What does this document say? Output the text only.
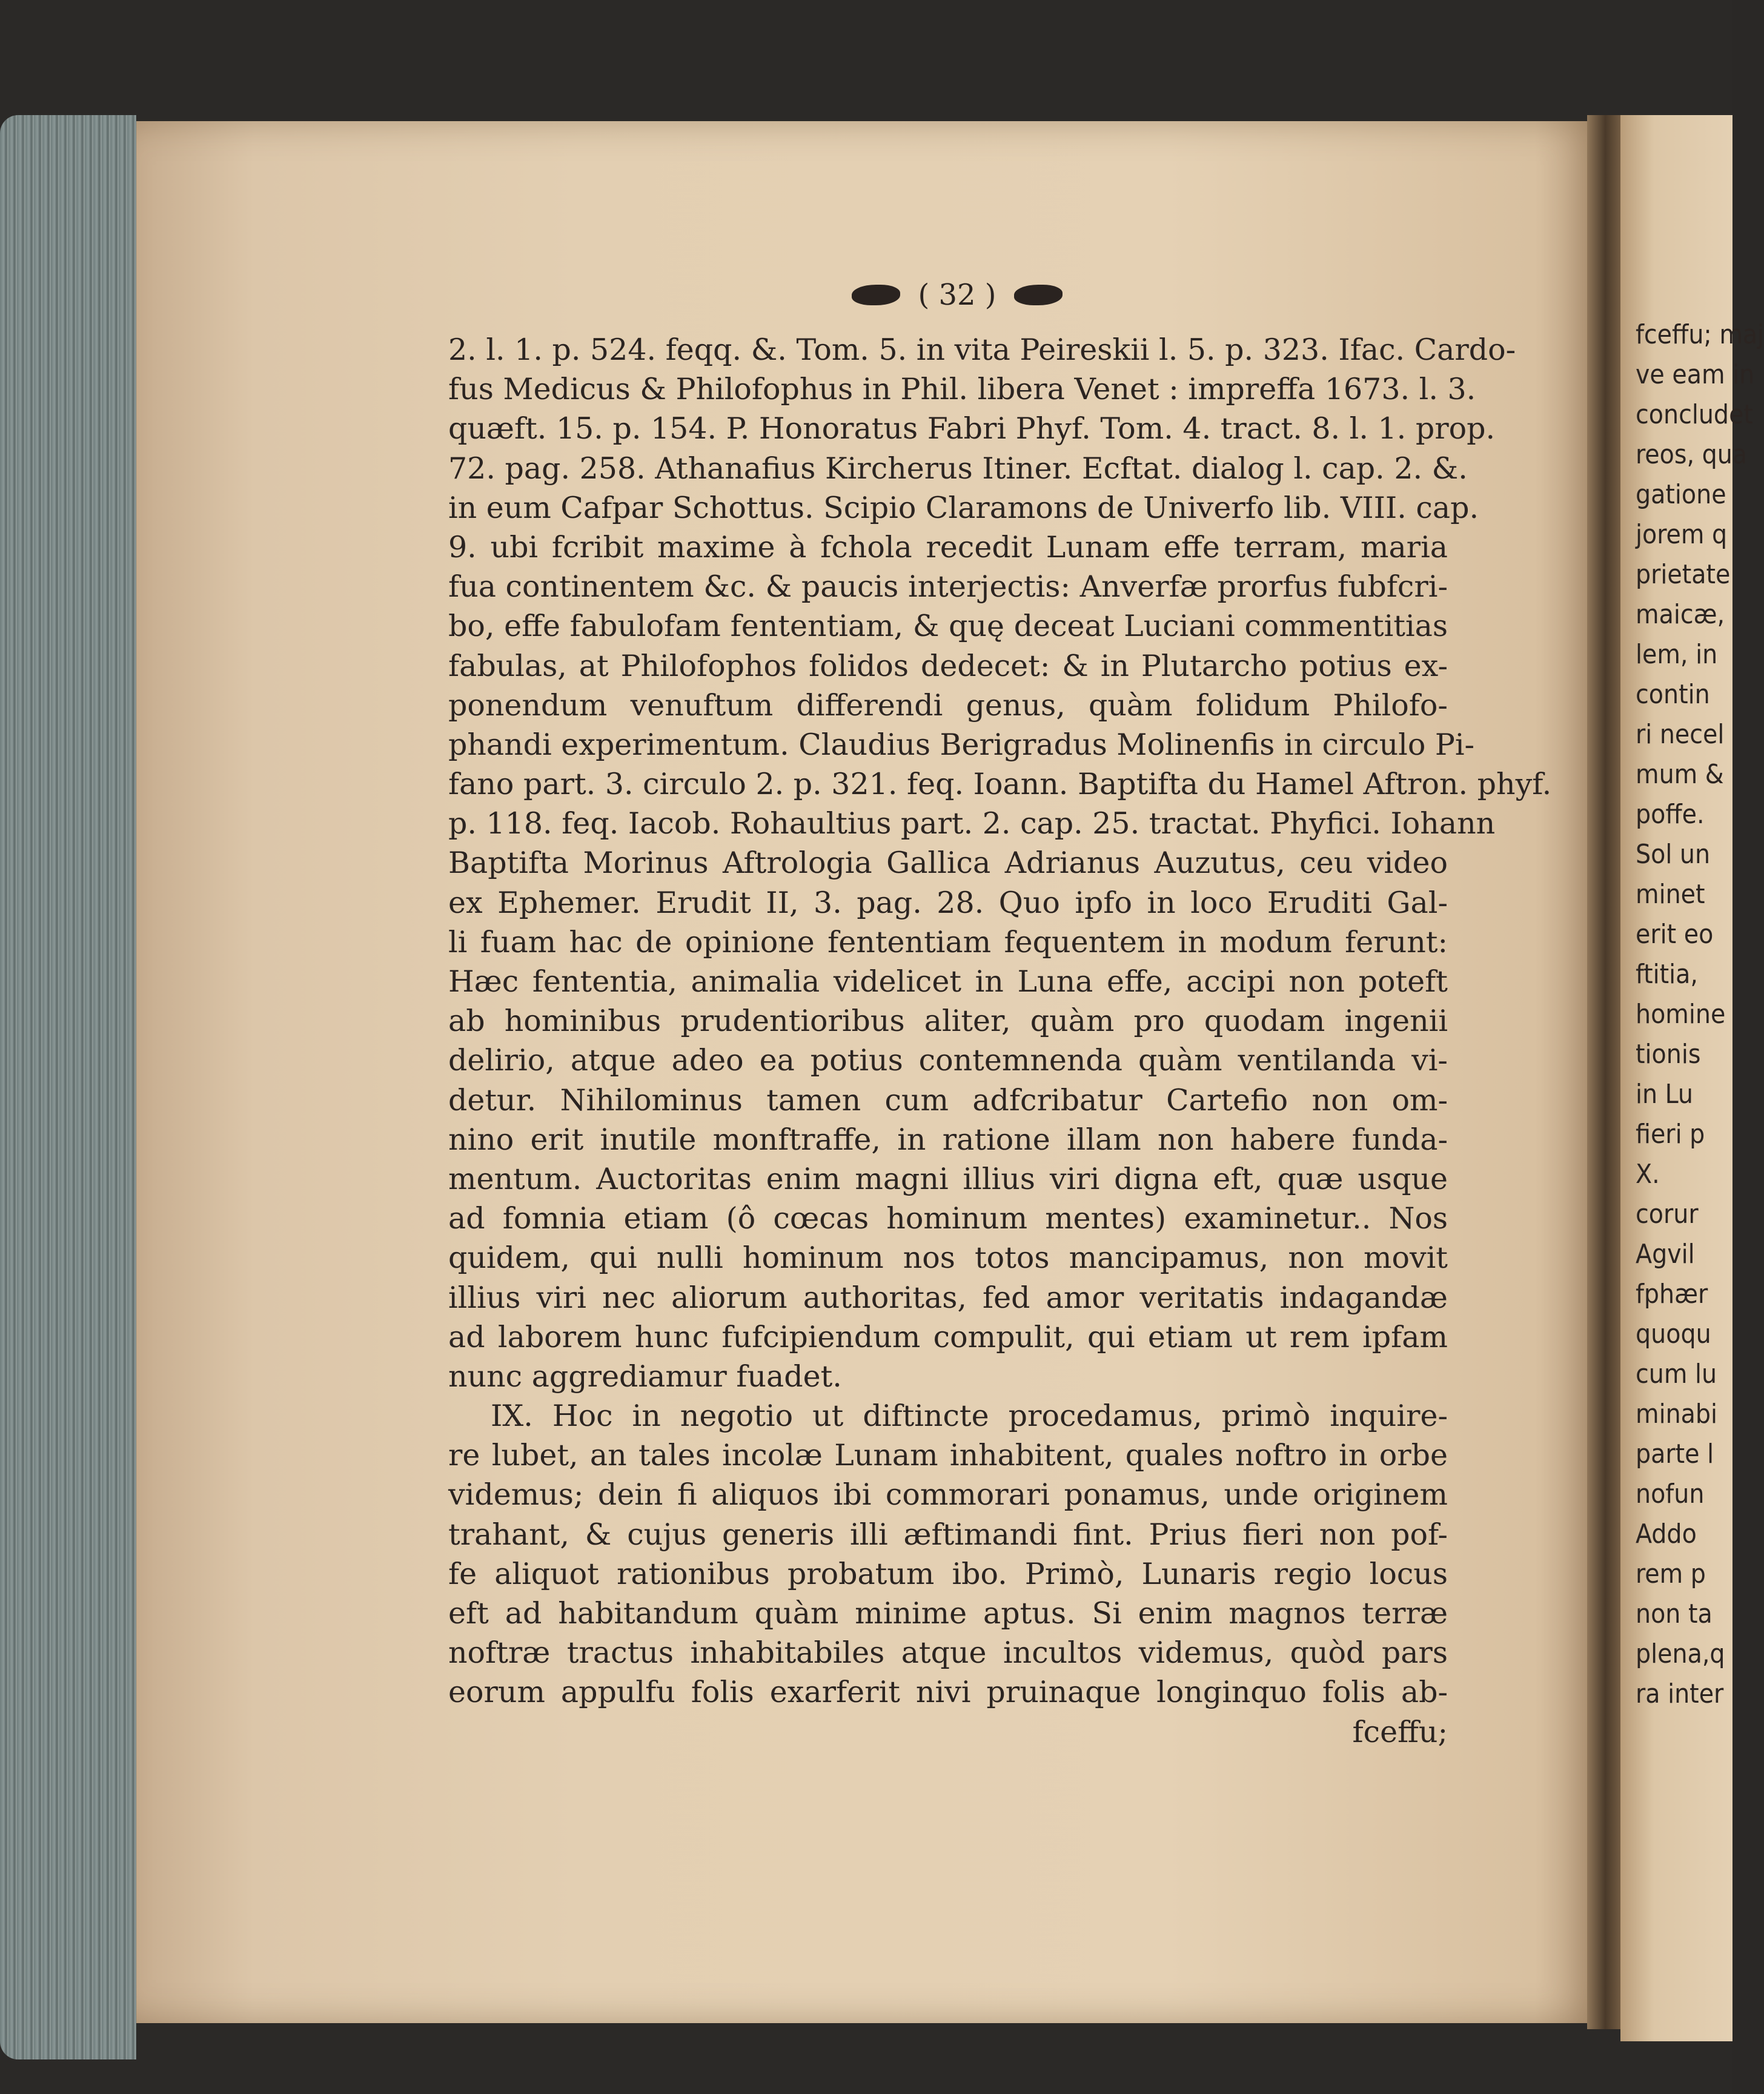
( 32 )
2. l. 1. p. 524. feqq. &. Tom. 5. in vita Peireskii l. 5. p. 323. Ifac. Cardo-
fus Medicus & Philofophus in Phil. libera Venet : impreffa 1673. l. 3.
quæft. 15. p. 154. P. Honoratus Fabri Phyf. Tom. 4. tract. 8. l. 1. prop.
72. pag. 258. Athanafius Kircherus Itiner. Ecftat. dialog l. cap. 2. &.
in eum Cafpar Schottus. Scipio Claramons de Univerfo lib. VIII. cap.
9. ubi fcribit maxime à fchola recedit Lunam effe terram, maria
fua continentem &c. & paucis interjectis: Anverfæ prorfus fubfcri-
bo, effe fabulofam fententiam, & quę deceat Luciani commentitias
fabulas, at Philofophos folidos dedecet: & in Plutarcho potius ex-
ponendum venuftum differendi genus, quàm folidum Philofo-
phandi experimentum. Claudius Berigradus Molinenfis in circulo Pi-
fano part. 3. circulo 2. p. 321. feq. Ioann. Baptifta du Hamel Aftron. phyf.
p. 118. feq. Iacob. Rohaultius part. 2. cap. 25. tractat. Phyfici. Iohann
Baptifta Morinus Aftrologia Gallica Adrianus Auzutus, ceu video
ex Ephemer. Erudit II, 3. pag. 28. Quo ipfo in loco Eruditi Gal-
li fuam hac de opinione fententiam fequentem in modum ferunt:
Hæc fententia, animalia videlicet in Luna effe, accipi non poteft
ab hominibus prudentioribus aliter, quàm pro quodam ingenii
delirio, atque adeo ea potius contemnenda quàm ventilanda vi-
detur. Nihilominus tamen cum adfcribatur Cartefio non om-
nino erit inutile monftraffe, in ratione illam non habere funda-
mentum. Auctoritas enim magni illius viri digna eft, quæ usque
ad fomnia etiam (ô cœcas hominum mentes) examinetur.. Nos
quidem, qui nulli hominum nos totos mancipamus, non movit
illius viri nec aliorum authoritas, fed amor veritatis indagandæ
ad laborem hunc fufcipiendum compulit, qui etiam ut rem ipfam
nunc aggrediamur fuadet.
IX. Hoc in negotio ut diftincte procedamus, primò inquire-
re lubet, an tales incolæ Lunam inhabitent, quales noftro in orbe
videmus; dein fi aliquos ibi commorari ponamus, unde originem
trahant, & cujus generis illi æftimandi fint. Prius fieri non pof-
fe aliquot rationibus probatum ibo. Primò, Lunaris regio locus
eft ad habitandum quàm minime aptus. Si enim magnos terræ
noftræ tractus inhabitabiles atque incultos videmus, quòd pars
eorum appulfu folis exarferit nivi pruinaque longinquo folis ab-
fceffu;
fceffu; maj
ve eam in
concludet
reos, qua
gatione
jorem q
prietate
maicæ,
lem, in
contin
ri necel
mum &
poffe.
Sol un
minet
erit eo
ftitia,
homine
tionis
in Lu
fieri p
X.
corur
Agvil
fphær
quoqu
cum lu
minabi
parte l
nofun
Addo
rem p
non ta
plena,q
ra inter
